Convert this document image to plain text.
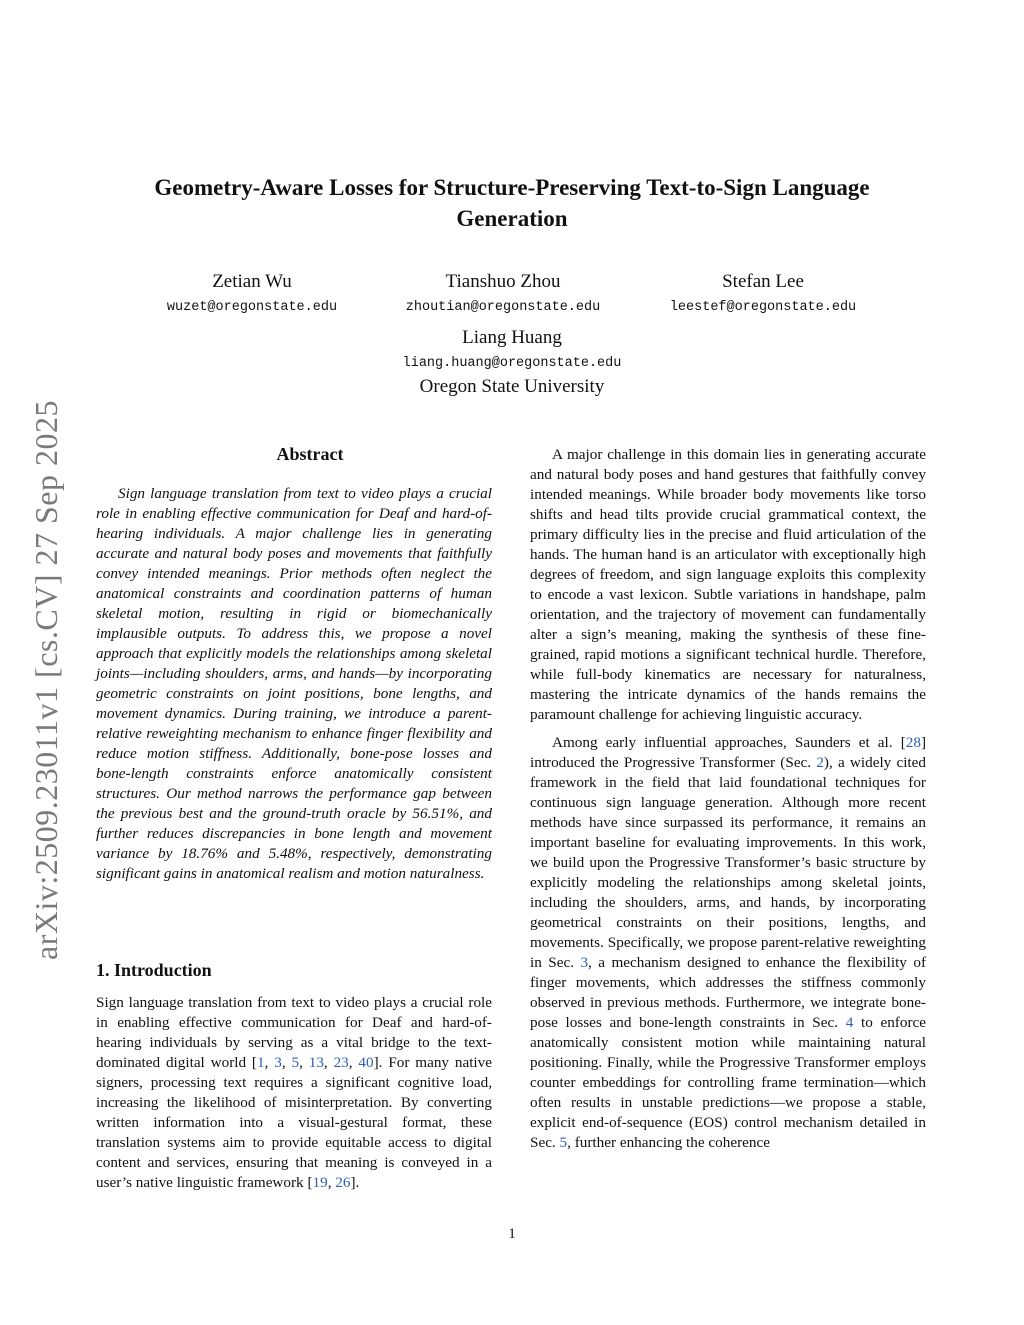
arXiv:2509.23011v1 [cs.CV] 27 Sep 2025
Geometry-Aware Losses for Structure-Preserving Text-to-Sign Language Generation
Zetian Wu
wuzet@oregonstate.edu
Tianshuo Zhou
zhoutian@oregonstate.edu
Stefan Lee
leestef@oregonstate.edu
Liang Huang
liang.huang@oregonstate.edu
Oregon State University
Abstract

Sign language translation from text to video plays a crucial role in enabling effective communication for Deaf and hard-of-hearing individuals. A major challenge lies in generating accurate and natural body poses and movements that faithfully convey intended meanings. Prior methods often neglect the anatomical constraints and coordination patterns of human skeletal motion, resulting in rigid or biomechanically implausible outputs. To address this, we propose a novel approach that explicitly models the relationships among skeletal joints—including shoulders, arms, and hands—by incorporating geometric constraints on joint positions, bone lengths, and movement dynamics. During training, we introduce a parent-relative reweighting mechanism to enhance finger flexibility and reduce motion stiffness. Additionally, bone-pose losses and bone-length constraints enforce anatomically consistent structures. Our method narrows the performance gap between the previous best and the ground-truth oracle by 56.51%, and further reduces discrepancies in bone length and movement variance by 18.76% and 5.48%, respectively, demonstrating significant gains in anatomical realism and motion naturalness.

1. Introduction

Sign language translation from text to video plays a crucial role in enabling effective communication for Deaf and hard-of-hearing individuals by serving as a vital bridge to the text-dominated digital world [1, 3, 5, 13, 23, 40]. For many native signers, processing text requires a significant cognitive load, increasing the likelihood of misinterpretation. By converting written information into a visual-gestural format, these translation systems aim to provide equitable access to digital content and services, ensuring that meaning is conveyed in a user’s native linguistic framework [19, 26].

A major challenge in this domain lies in generating accurate and natural body poses and hand gestures that faithfully convey intended meanings. While broader body movements like torso shifts and head tilts provide crucial grammatical context, the primary difficulty lies in the precise and fluid articulation of the hands. The human hand is an articulator with exceptionally high degrees of freedom, and sign language exploits this complexity to encode a vast lexicon. Subtle variations in handshape, palm orientation, and the trajectory of movement can fundamentally alter a sign’s meaning, making the synthesis of these fine-grained, rapid motions a significant technical hurdle. Therefore, while full-body kinematics are necessary for naturalness, mastering the intricate dynamics of the hands remains the paramount challenge for achieving linguistic accuracy.

Among early influential approaches, Saunders et al. [28] introduced the Progressive Transformer (Sec. 2), a widely cited framework in the field that laid foundational techniques for continuous sign language generation. Although more recent methods have since surpassed its performance, it remains an important baseline for evaluating improvements. In this work, we build upon the Progressive Transformer’s basic structure by explicitly modeling the relationships among skeletal joints, including the shoulders, arms, and hands, by incorporating geometrical constraints on their positions, lengths, and movements. Specifically, we propose parent-relative reweighting in Sec. 3, a mechanism designed to enhance the flexibility of finger movements, which addresses the stiffness commonly observed in previous methods. Furthermore, we integrate bone-pose losses and bone-length constraints in Sec. 4 to enforce anatomically consistent motion while maintaining natural positioning. Finally, while the Progressive Transformer employs counter embeddings for controlling frame termination—which often results in unstable predictions—we propose a stable, explicit end-of-sequence (EOS) control mechanism detailed in Sec. 5, further enhancing the coherence

1
